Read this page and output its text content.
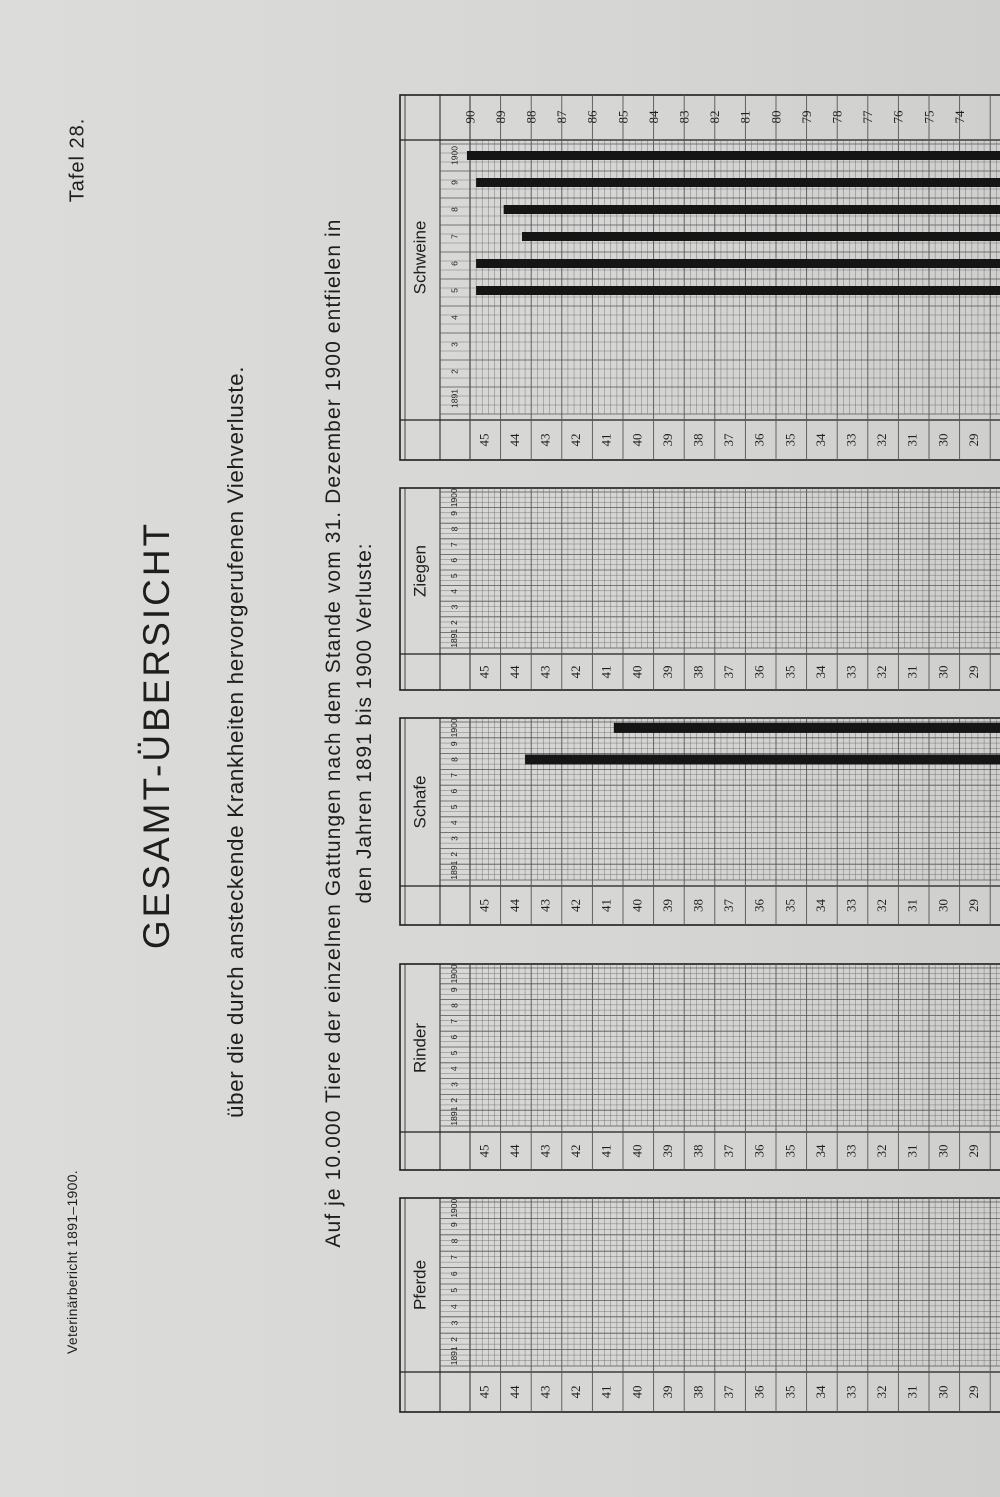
Veterinärbericht 1891–1900.
Tafel 28.
GESAMT-ÜBERSICHT über die durch ansteckende Krankheiten hervorgerufenen Viehverluste.	Auf je 10.000 Tiere der einzelnen Gattungen nach dem Stande vom 31. Dezember 1900 entfielen in den Jahren 1891 bis 1900 Verluste:
Pferde
1891
2
3
4
5
6
7
8
9
1900
45 44 43 42 41 40 39 38 37 36 35 34 33 32 31 30 29
Rinder
1891
2
3
4
5
6
7
8
9
1900
45 44 43 42 41 40 39 38 37 36 35 34 33 32 31 30 29
Schafe
1891
2
3
4
5
6
7
8
9
1900
45 44 43 42 41 40 39 38 37 36 35 34 33 32 31 30 29
Ziegen
1891
2
3
4
5
6
7
8
9
1900
45 44 43 42 41 40 39 38 37 36 35 34 33 32 31 30 29
Schweine
1891
2
3
4
5
6
7
8
9
1900
45 44 43 42 41 40 39 38 37 36 35 34 33 32 31 30 29
90 89 88 87 86 85 84 83 82 81 80 79 78 77 76 75 74
